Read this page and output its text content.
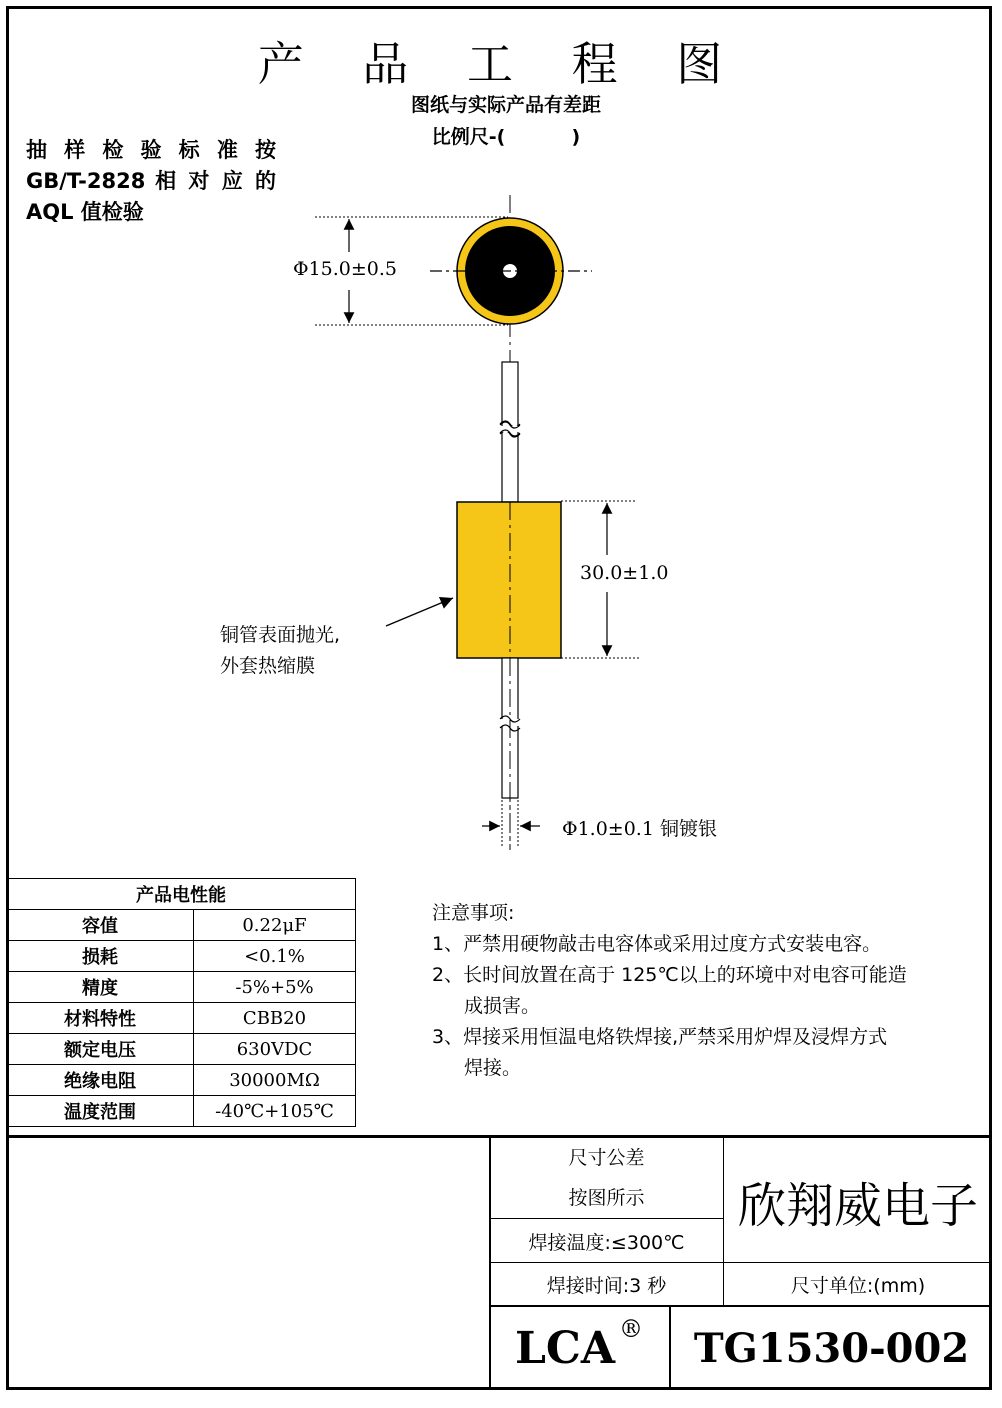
产 品 工 程 图
图纸与实际产品有差距
比例尺-(          )
抽 样 检 验 标 准 按
GB/T-2828 相 对 应 的
AQL 值检验
Φ15.0±0.5
30.0±1.0
Φ1.0±0.1 铜镀银
铜管表面抛光,
外套热缩膜
产品电性能	
容值	0.22μF
损耗	<0.1%
精度	-5%+5%
材料特性	CBB20
额定电压	630VDC
绝缘电阻	30000MΩ
温度范围	-40℃+105℃
注意事项:
1、严禁用硬物敲击电容体或采用过度方式安装电容。
2、长时间放置在高于 125℃以上的环境中对电容可能造
成损害。
3、焊接采用恒温电烙铁焊接,严禁采用炉焊及浸焊方式
焊接。
尺寸公差
按图所示
焊接温度:≤300℃
焊接时间:3 秒
欣翔威电子
尺寸单位:(mm)
LCA ®	TG1530-002
